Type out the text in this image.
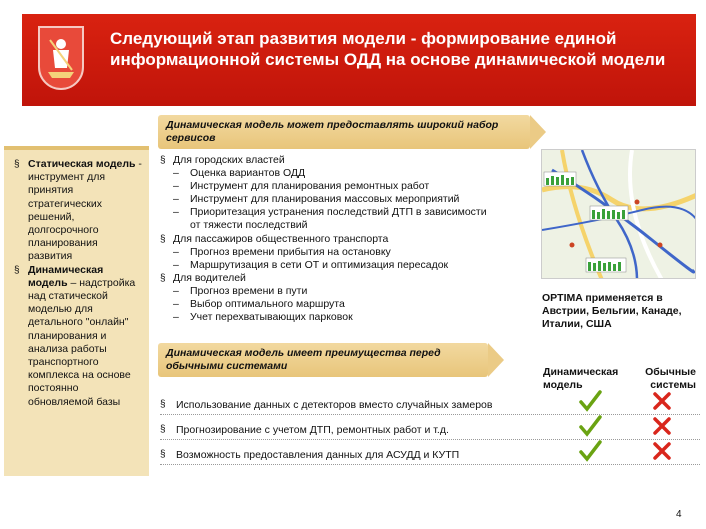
Следующий этап развития модели - формирование единой информационной системы ОДД на основе динамической модели
Динамическая модель может предоставлять широкий набор сервисов
§ Статическая модель - инструмент для принятия стратегических решений, долгосрочного планирования развития
§ Динамическая модель – надстройка над статической моделью для детального "онлайн" планирования и анализа работы транспортного комплекса на основе постоянно обновляемой базы
§ Для городских властей
– Оценка вариантов ОДД
– Инструмент для планирования ремонтных работ
– Инструмент для планирования массовых мероприятий
– Приоритезация устранения последствий ДТП в зависимости
от тяжести последствий
§ Для пассажиров общественного транспорта
– Прогноз времени прибытия на остановку
– Маршрутизация в сети ОТ и оптимизация пересадок
§ Для водителей
– Прогноз времени в пути
– Выбор оптимального маршрута
– Учет перехватывающих парковок
OPTIMA применяется в Австрии, Бельгии, Канаде, Италии, США
Динамическая модель имеет преимущества перед обычными системами	Динамическая модель
Обычные системы
§ Использование данных с детекторов вместо случайных замеров
§ Прогнозирование с учетом ДТП, ремонтных работ и т.д.
§ Возможность предоставления данных для АСУДД и КУТП
4
